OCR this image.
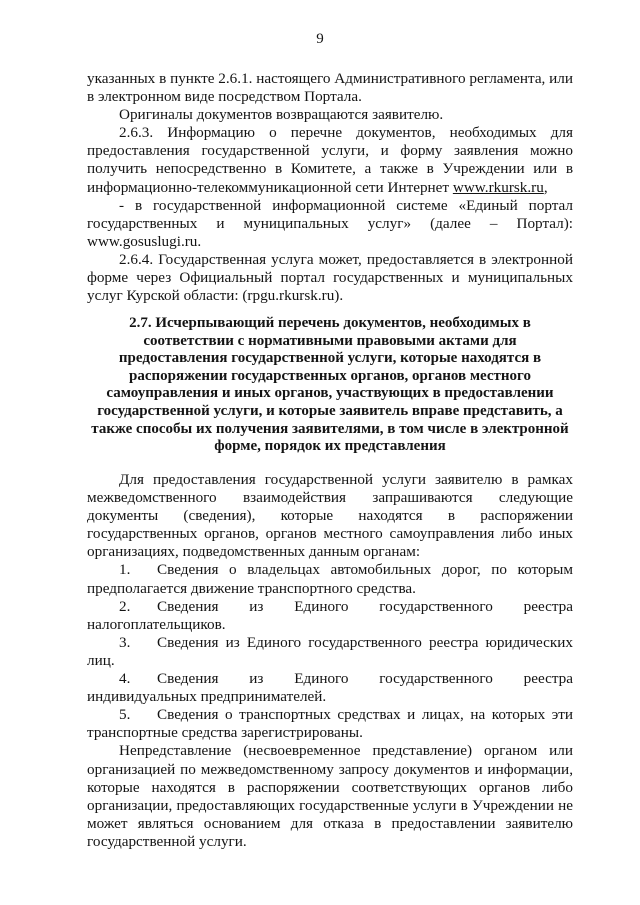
9

указанных в пункте 2.6.1. настоящего Административного регламента, или

в электронном виде посредством Портала.

Оригиналы документов возвращаются заявителю.

2.6.3. Информацию о перечне документов, необходимых для

предоставления государственной услуги, и форму заявления можно

получить непосредственно в Комитете, а также в Учреждении или в

информационно-телекоммуникационной сети Интернет www.rkursk.ru,

- в государственной информационной системе «Единый портал

государственных и муниципальных услуг» (далее – Портал):

www.gosuslugi.ru.

2.6.4. Государственная услуга может, предоставляется в электронной

форме через Официальный портал государственных и муниципальных

услуг Курской области: (rpgu.rkursk.ru).

2.7. Исчерпывающий перечень документов, необходимых в

соответствии с нормативными правовыми актами для

предоставления государственной услуги, которые находятся в

распоряжении государственных органов, органов местного

самоуправления и иных органов, участвующих в предоставлении

государственной услуги, и которые заявитель вправе представить, а

также способы их получения заявителями, в том числе в электронной

форме, порядок их представления

Для предоставления государственной услуги заявителю в рамках

межведомственного взаимодействия запрашиваются следующие

документы (сведения), которые находятся в распоряжении

государственных органов, органов местного самоуправления либо иных

организациях, подведомственных данным органам:

1.	Сведения о владельцах автомобильных дорог, по которым

предполагается движение транспортного средства.

2.	Сведения из Единого государственного реестра

налогоплательщиков.

3.	Сведения из Единого государственного реестра юридических

лиц.

4.	Сведения из Единого государственного реестра

индивидуальных предпринимателей.

5.	Сведения о транспортных средствах и лицах, на которых эти

транспортные средства зарегистрированы.

Непредставление (несвоевременное представление) органом или

организацией по межведомственному запросу документов и информации,

которые находятся в распоряжении соответствующих органов либо

организации, предоставляющих государственные услуги в Учреждении не

может являться основанием для отказа в предоставлении заявителю

государственной услуги.
